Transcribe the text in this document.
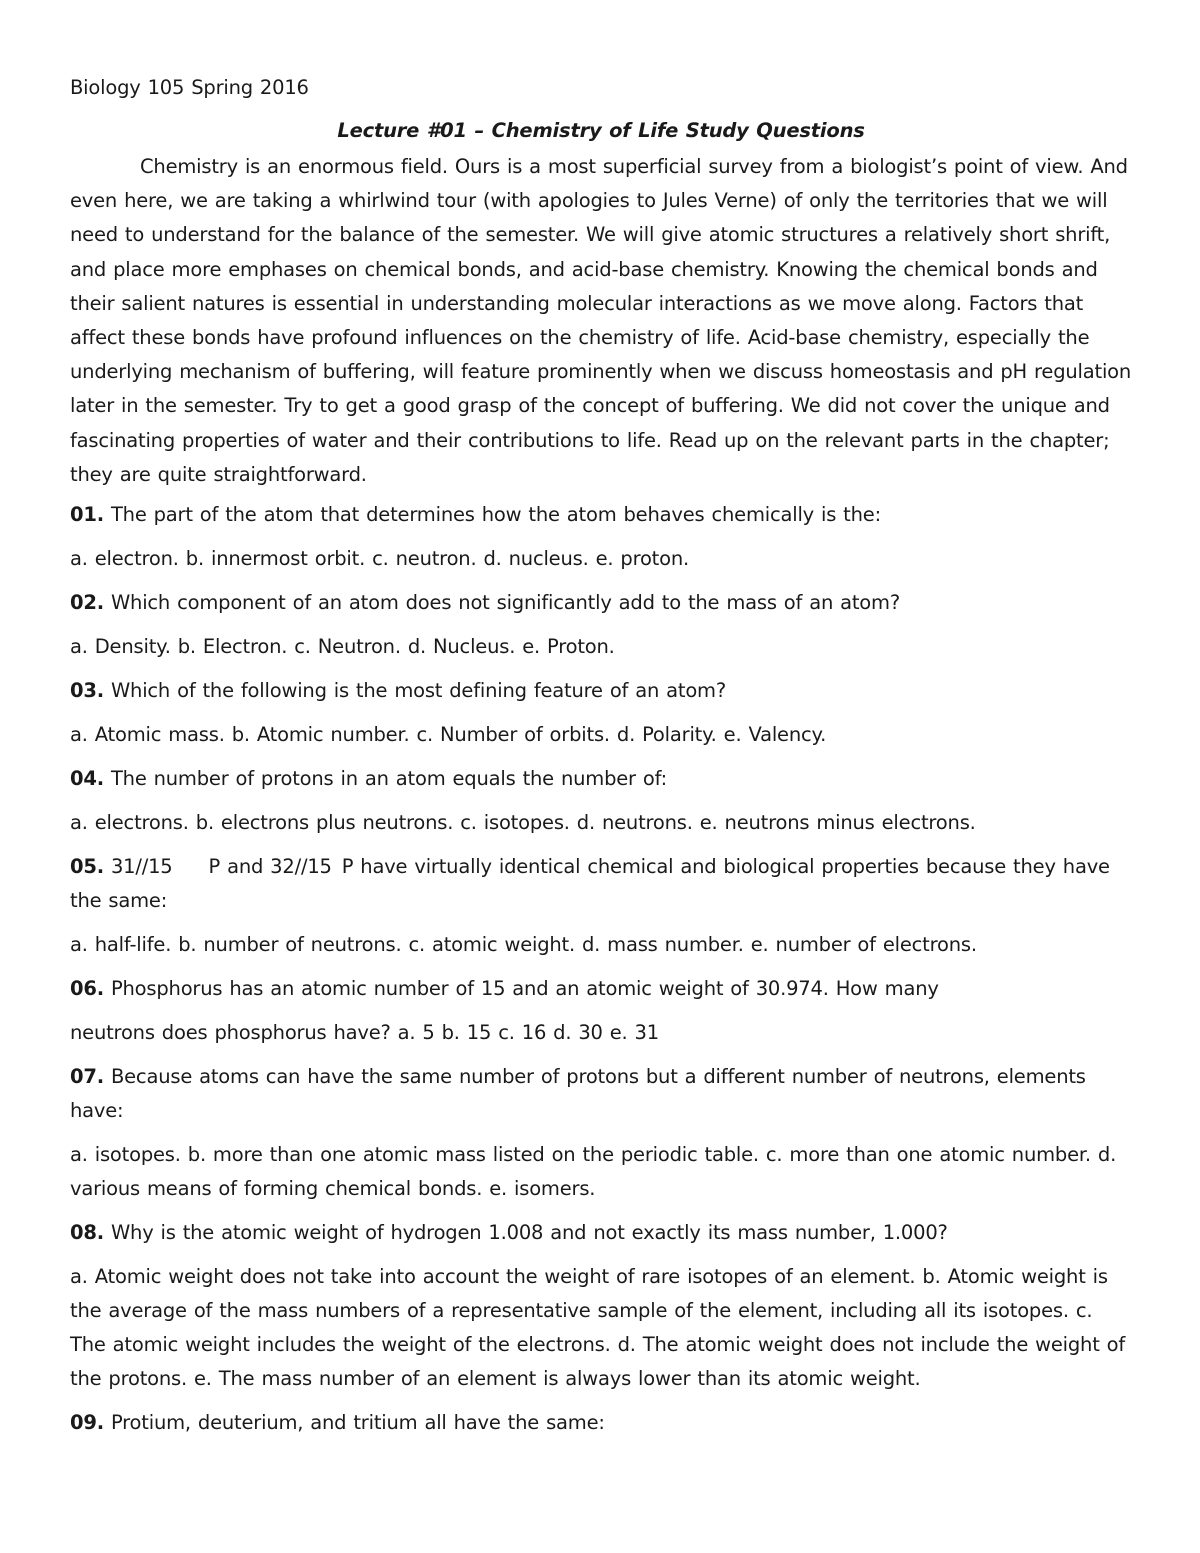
Biology 105 Spring 2016

Lecture #01 – Chemistry of Life Study Questions

Chemistry is an enormous field. Ours is a most superficial survey from a biologist’s point of view. And even here, we are taking a whirlwind tour (with apologies to Jules Verne) of only the territories that we will need to understand for the balance of the semester. We will give atomic structures a relatively short shrift, and place more emphases on chemical bonds, and acid-base chemistry. Knowing the chemical bonds and their salient natures is essential in understanding molecular interactions as we move along. Factors that affect these bonds have profound influences on the chemistry of life. Acid-base chemistry, especially the underlying mechanism of buffering, will feature prominently when we discuss homeostasis and pH regulation later in the semester. Try to get a good grasp of the concept of buffering. We did not cover the unique and fascinating properties of water and their contributions to life. Read up on the relevant parts in the chapter; they are quite straightforward.

01. The part of the atom that determines how the atom behaves chemically is the:

a. electron. b. innermost orbit. c. neutron. d. nucleus. e. proton.

02. Which component of an atom does not significantly add to the mass of an atom?

a. Density. b. Electron. c. Neutron. d. Nucleus. e. Proton.

03. Which of the following is the most defining feature of an atom?

a. Atomic mass. b. Atomic number. c. Number of orbits. d. Polarity. e. Valency.

04. The number of protons in an atom equals the number of:

a. electrons. b. electrons plus neutrons. c. isotopes. d. neutrons. e. neutrons minus electrons.

05. 31//15 P and 32//15 P have virtually identical chemical and biological properties because they have the same:

a. half-life. b. number of neutrons. c. atomic weight. d. mass number. e. number of electrons.

06. Phosphorus has an atomic number of 15 and an atomic weight of 30.974. How many

neutrons does phosphorus have? a. 5 b. 15 c. 16 d. 30 e. 31

07. Because atoms can have the same number of protons but a different number of neutrons, elements have:

a. isotopes. b. more than one atomic mass listed on the periodic table. c. more than one atomic number. d. various means of forming chemical bonds. e. isomers.

08. Why is the atomic weight of hydrogen 1.008 and not exactly its mass number, 1.000?

a. Atomic weight does not take into account the weight of rare isotopes of an element. b. Atomic weight is the average of the mass numbers of a representative sample of the element, including all its isotopes. c. The atomic weight includes the weight of the electrons. d. The atomic weight does not include the weight of the protons. e. The mass number of an element is always lower than its atomic weight.

09. Protium, deuterium, and tritium all have the same:
